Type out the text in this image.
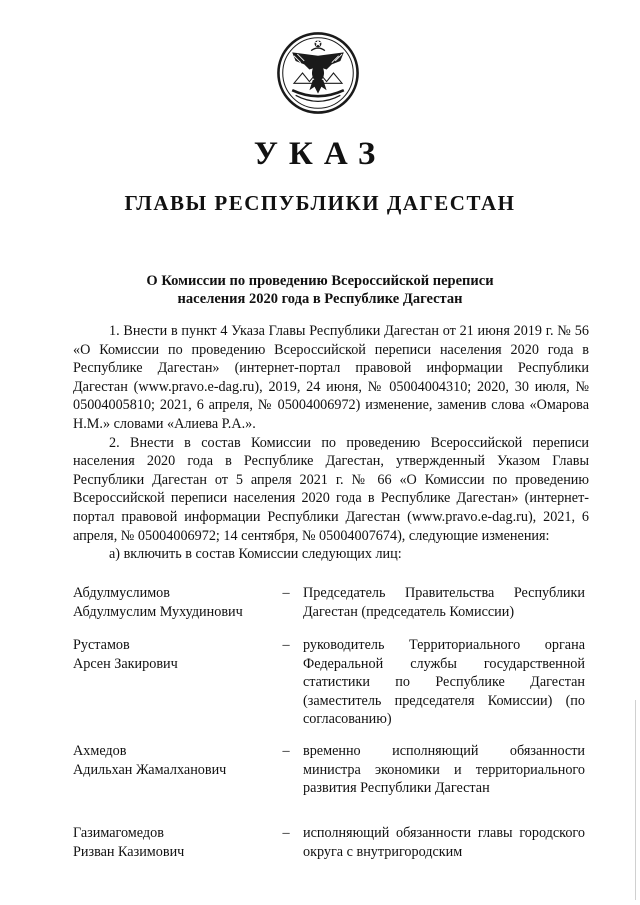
УКАЗ
ГЛАВЫ РЕСПУБЛИКИ ДАГЕСТАН
О Комиссии по проведению Всероссийской переписи
населения 2020 года в Республике Дагестан

1. Внести в пункт 4 Указа Главы Республики Дагестан от 21 июня 2019 г. № 56 «О Комиссии по проведению Всероссийской переписи населения 2020 года в Республике Дагестан» (интернет-портал правовой информации Республики Дагестан (www.pravo.e-dag.ru), 2019, 24 июня, № 05004004310; 2020, 30 июля, № 05004005810; 2021, 6 апреля, № 05004006972) изменение, заменив слова «Омарова Н.М.» словами «Алиева Р.А.».

2. Внести в состав Комиссии по проведению Всероссийской переписи населения 2020 года в Республике Дагестан, утвержденный Указом Главы Республики Дагестан от 5 апреля 2021 г. № 66 «О Комиссии по проведению Всероссийской переписи населения 2020 года в Республике Дагестан» (интернет-портал правовой информации Республики Дагестан (www.pravo.e-dag.ru), 2021, 6 апреля, № 05004006972; 14 сентября, № 05004007674), следующие изменения:

а) включить в состав Комиссии следующих лиц:

Абдулмуслимов
Абдулмуслим Мухудинович
– Председатель Правительства Республики Дагестан (председатель Комиссии)
Рустамов
Арсен Закирович
– руководитель Территориального органа Федеральной службы государственной статистики по Республике Дагестан (заместитель председателя Комиссии) (по согласованию)
Ахмедов
Адильхан Жамалханович
– временно исполняющий обязанности министра экономики и территориального развития Республики Дагестан
Газимагомедов
Ризван Казимович
– исполняющий обязанности главы городского округа с внутригородским
